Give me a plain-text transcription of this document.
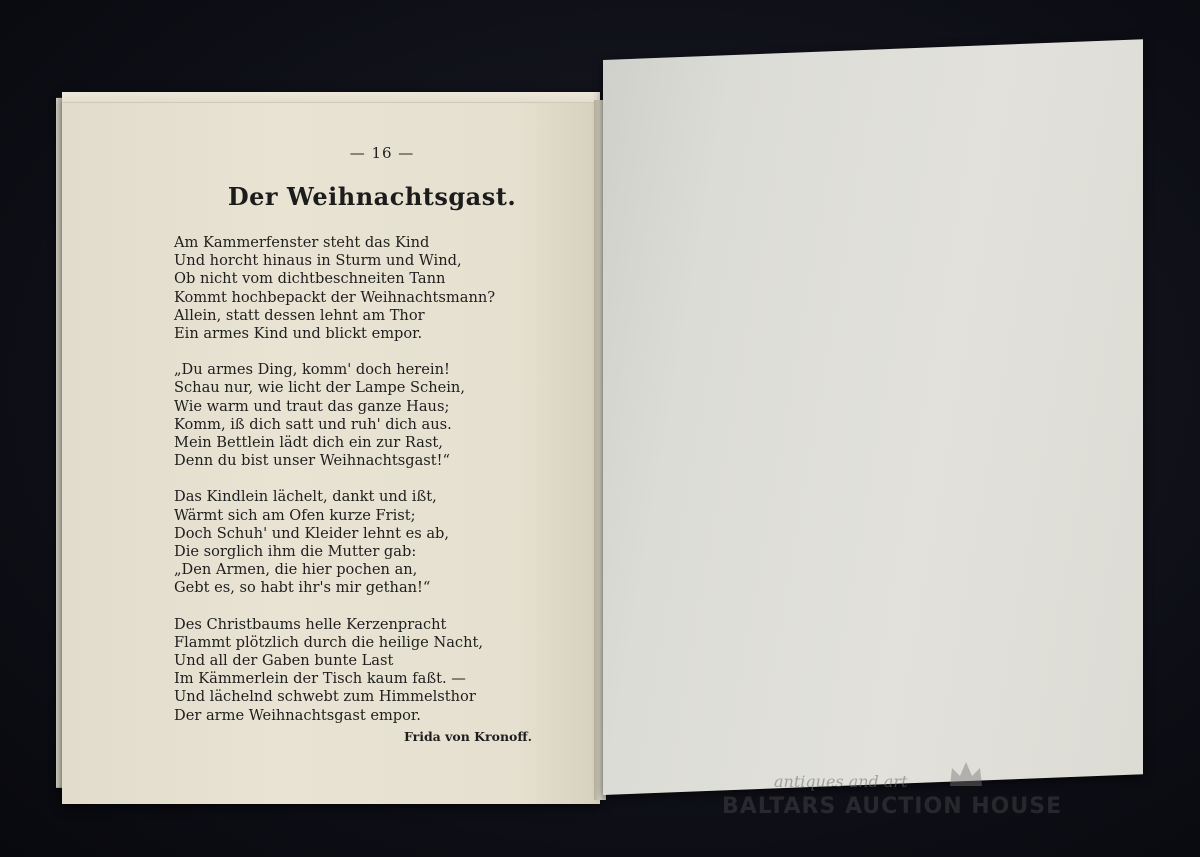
— 16 —
Der Weihnachtsgast.
Am Kammerfenster steht das Kind
Und horcht hinaus in Sturm und Wind,
Ob nicht vom dichtbeschneiten Tann
Kommt hochbepackt der Weihnachtsmann?
Allein, statt dessen lehnt am Thor
Ein armes Kind und blickt empor.
„Du armes Ding, komm' doch herein!
Schau nur, wie licht der Lampe Schein,
Wie warm und traut das ganze Haus;
Komm, iß dich satt und ruh' dich aus.
Mein Bettlein lädt dich ein zur Rast,
Denn du bist unser Weihnachtsgast!“
Das Kindlein lächelt, dankt und ißt,
Wärmt sich am Ofen kurze Frist;
Doch Schuh' und Kleider lehnt es ab,
Die sorglich ihm die Mutter gab:
„Den Armen, die hier pochen an,
Gebt es, so habt ihr's mir gethan!“
Des Christbaums helle Kerzenpracht
Flammt plötzlich durch die heilige Nacht,
Und all der Gaben bunte Last
Im Kämmerlein der Tisch kaum faßt. —
Und lächelnd schwebt zum Himmelsthor
Der arme Weihnachtsgast empor.
Frida von Kronoff.
antiques and art
BALTARS AUCTION HOUSE
